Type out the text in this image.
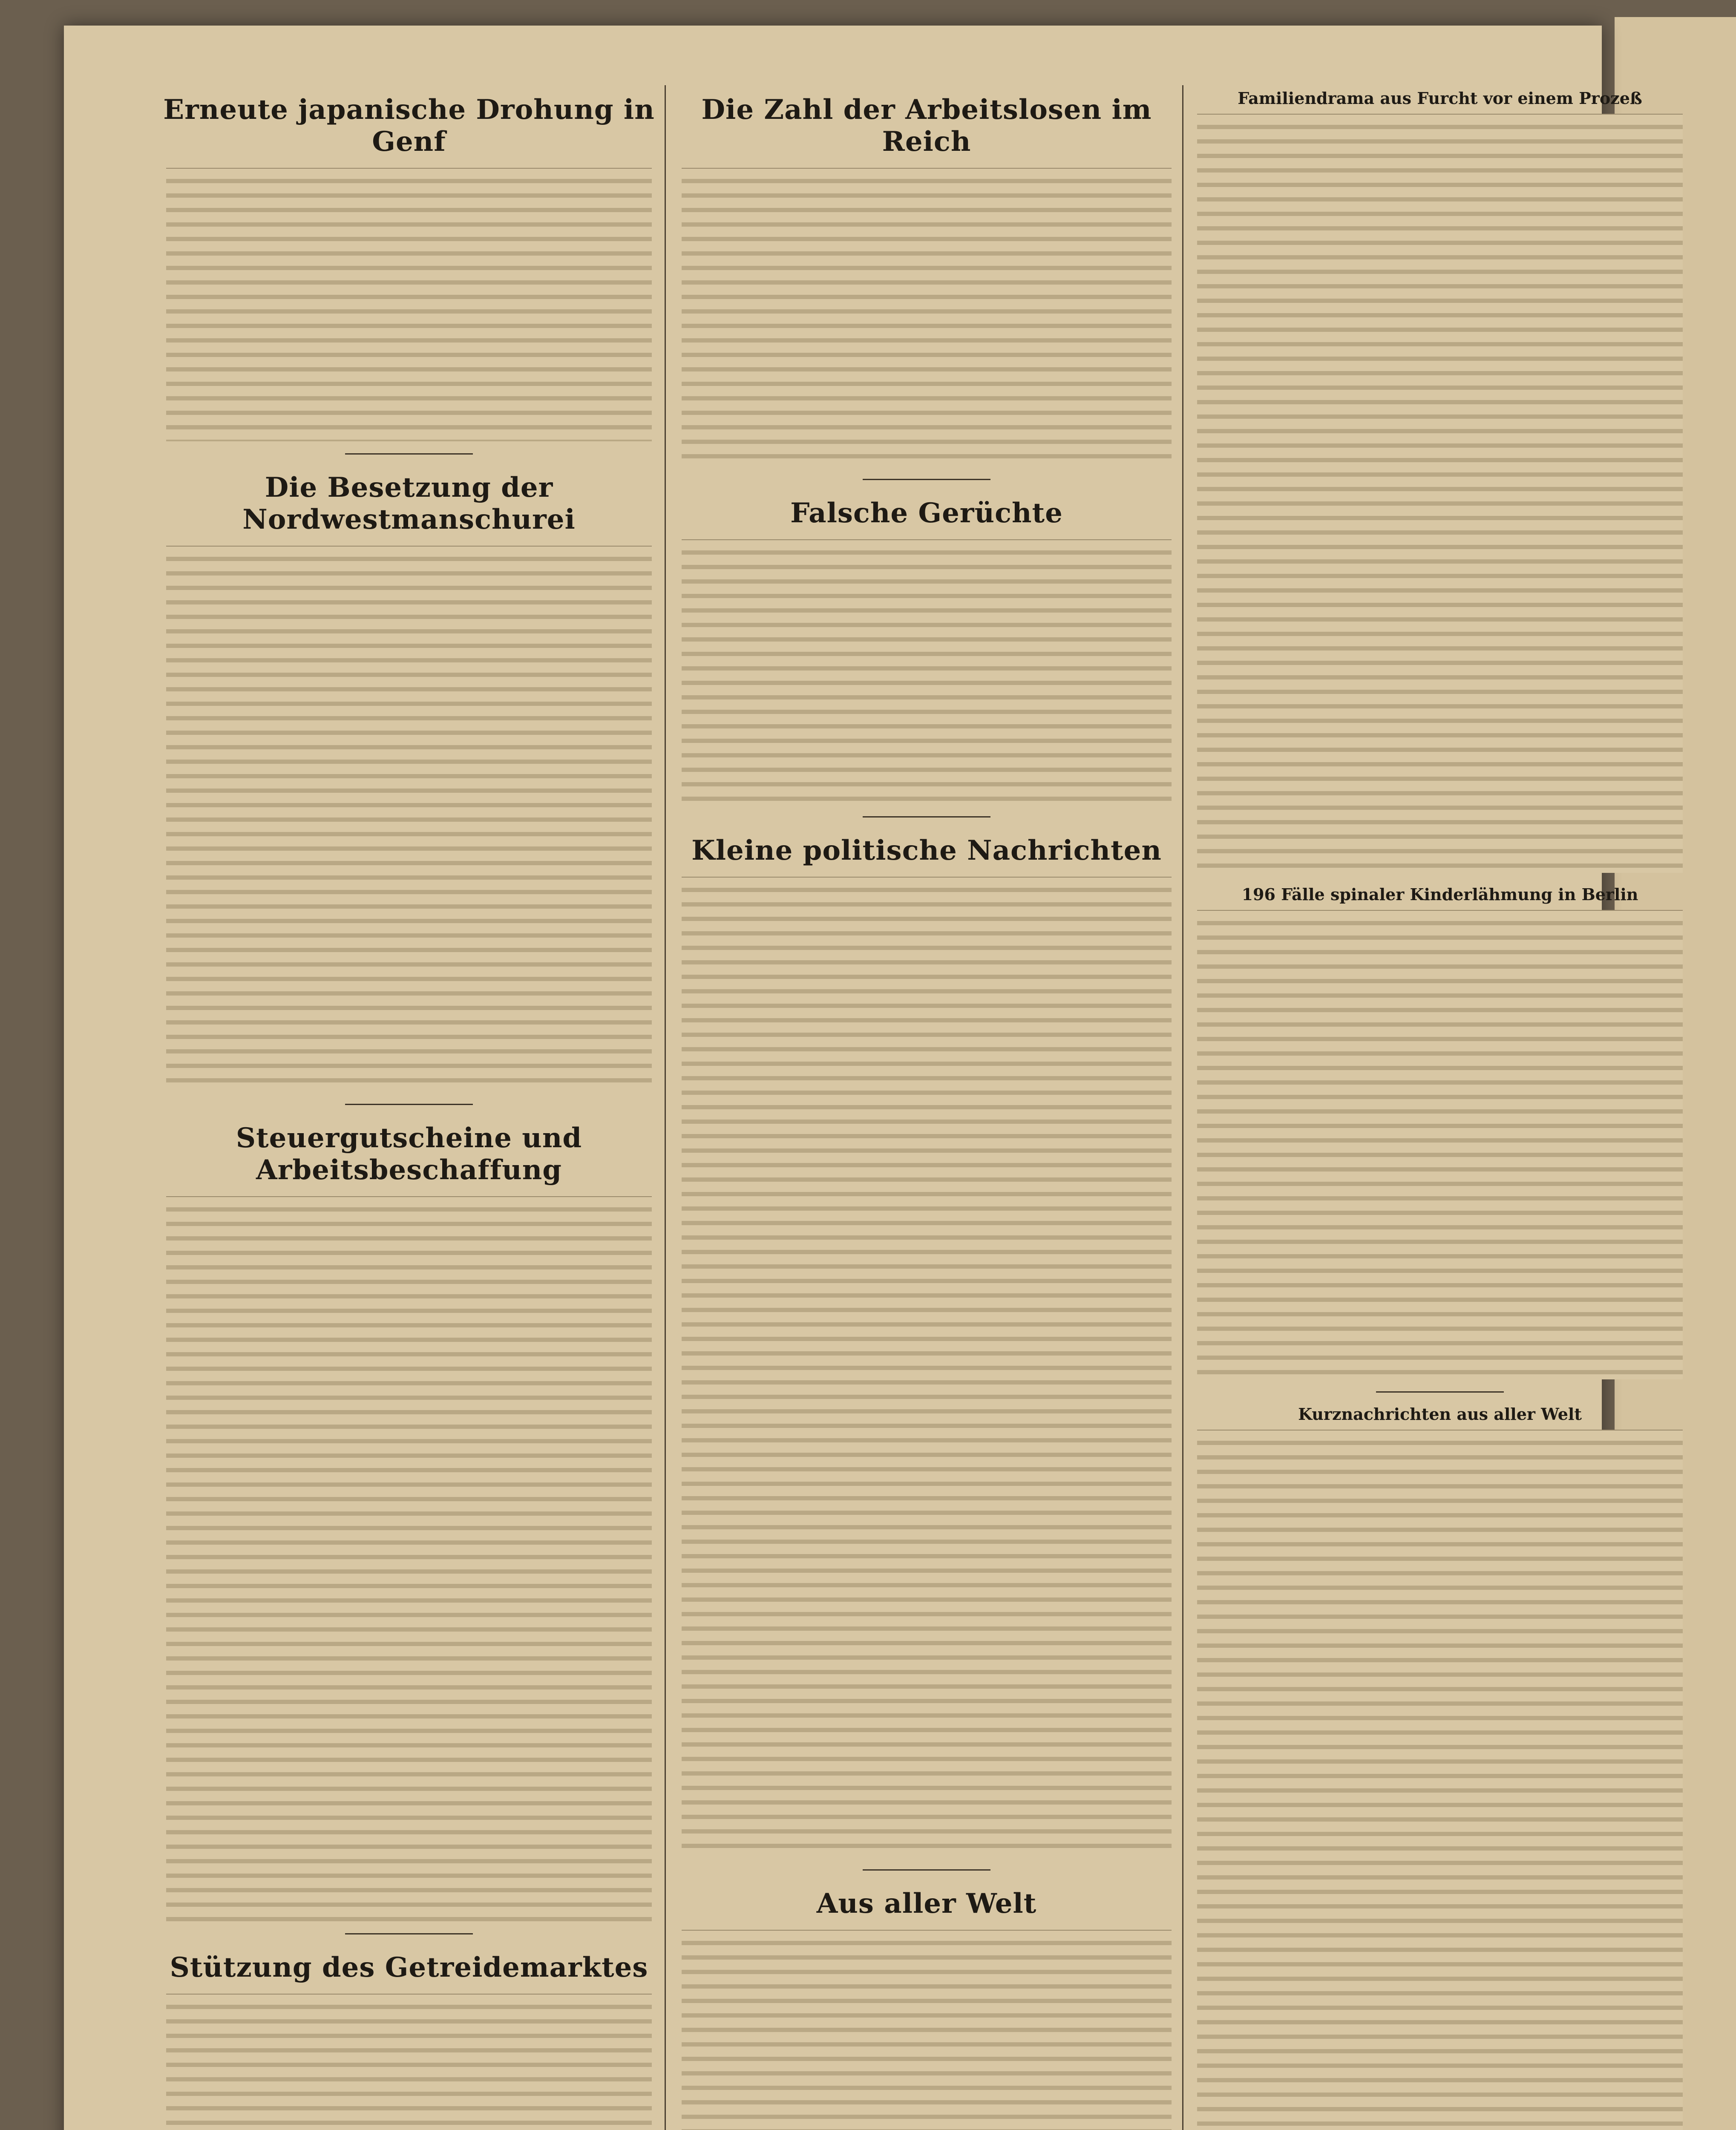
Erneute japanische Drohung in Genf
Die Besetzung der Nordwestmanschurei
Steuergutscheine und Arbeitsbeschaffung
Stützung des Getreidemarktes
Die Zahl der Arbeitslosen im Reich
Falsche Gerüchte
Kleine politische Nachrichten
Aus aller Welt
Familiendrama aus Furcht vor einem Prozeß
196 Fälle spinaler Kinderlähmung in Berlin
Kurznachrichten aus aller Welt
